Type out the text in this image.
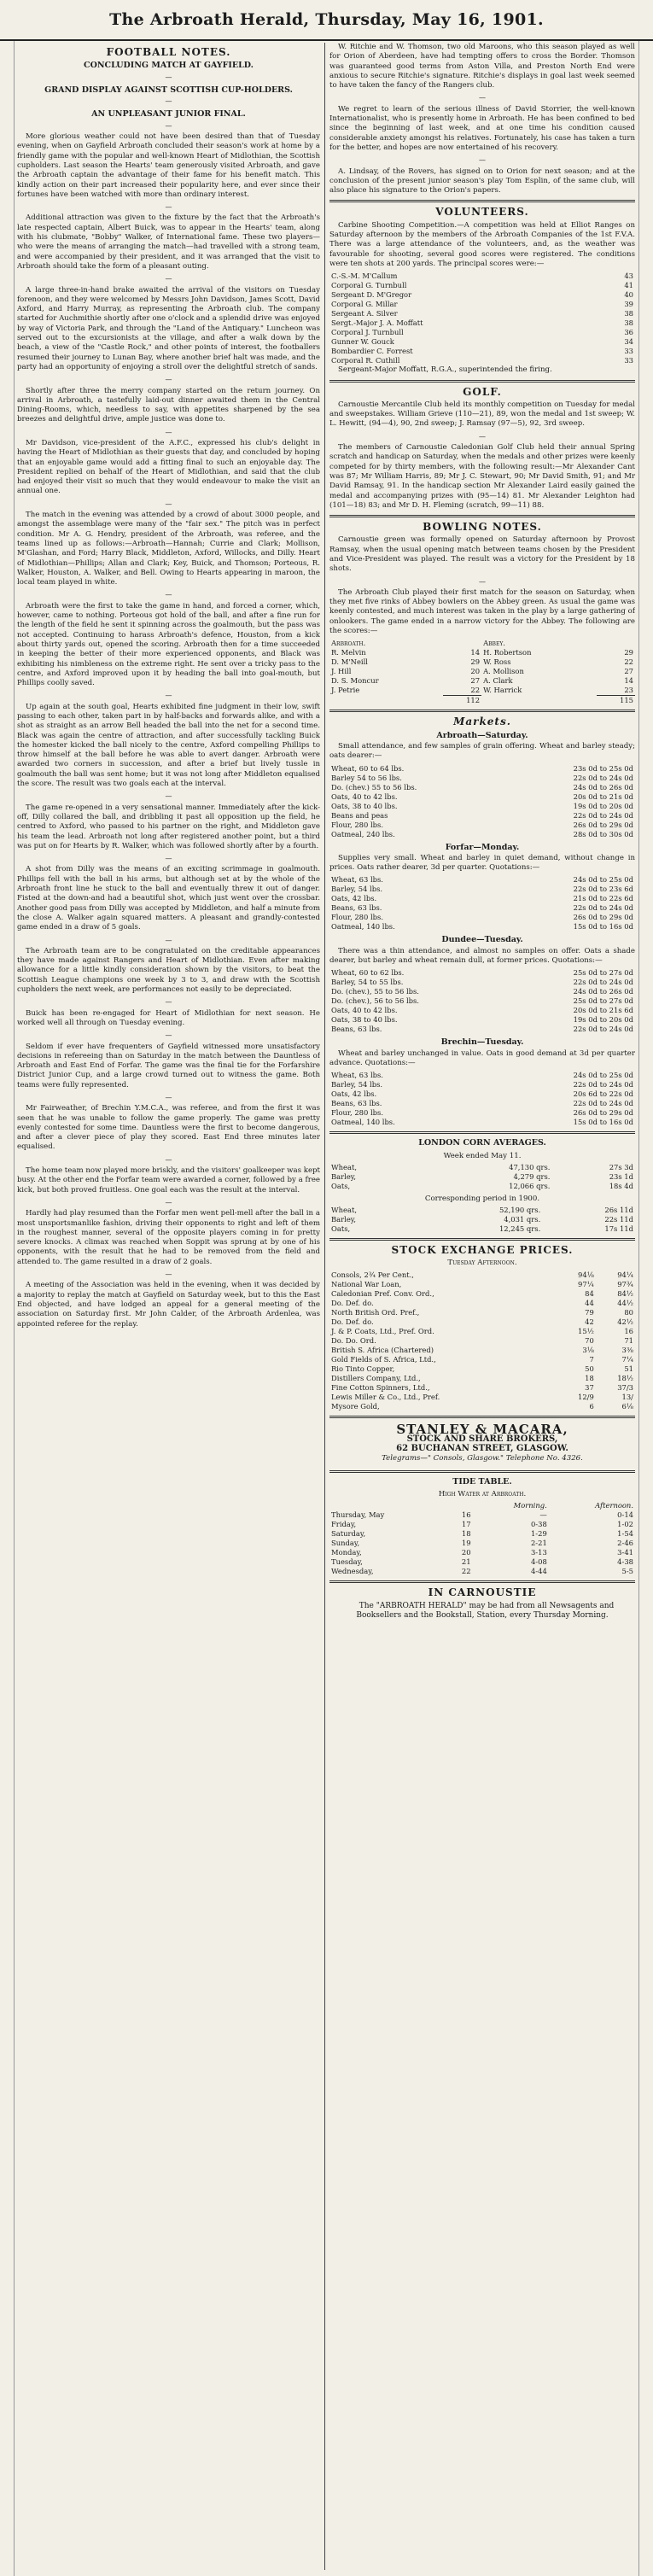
The Arbroath Herald, Thursday, May 16, 1901.
FOOTBALL NOTES.
CONCLUDING MATCH AT GAYFIELD.
—
GRAND DISPLAY AGAINST SCOTTISH CUP-HOLDERS.
—
AN UNPLEASANT JUNIOR FINAL.
—

More glorious weather could not have been desired than that of Tuesday evening, when on Gayfield Arbroath concluded their season's work at home by a friendly game with the popular and well-known Heart of Midlothian, the Scottish cupholders. Last season the Hearts' team generously visited Arbroath, and gave the Arbroath captain the advantage of their fame for his benefit match. This kindly action on their part increased their popularity here, and ever since their fortunes have been watched with more than ordinary interest.

—

Additional attraction was given to the fixture by the fact that the Arbroath's late respected captain, Albert Buick, was to appear in the Hearts' team, along with his clubmate, "Bobby" Walker, of International fame. These two players—who were the means of arranging the match—had travelled with a strong team, and were accompanied by their president, and it was arranged that the visit to Arbroath should take the form of a pleasant outing.

—

A large three-in-hand brake awaited the arrival of the visitors on Tuesday forenoon, and they were welcomed by Messrs John Davidson, James Scott, David Axford, and Harry Murray, as representing the Arbroath club. The company started for Auchmithie shortly after one o'clock and a splendid drive was enjoyed by way of Victoria Park, and through the "Land of the Antiquary." Luncheon was served out to the excursionists at the village, and after a walk down by the beach, a view of the "Castle Rock," and other points of interest, the footballers resumed their journey to Lunan Bay, where another brief halt was made, and the party had an opportunity of enjoying a stroll over the delightful stretch of sands.

—

Shortly after three the merry company started on the return journey. On arrival in Arbroath, a tastefully laid-out dinner awaited them in the Central Dining-Rooms, which, needless to say, with appetites sharpened by the sea breezes and delightful drive, ample justice was done to.

—

Mr Davidson, vice-president of the A.F.C., expressed his club's delight in having the Heart of Midlothian as their guests that day, and concluded by hoping that an enjoyable game would add a fitting final to such an enjoyable day. The President replied on behalf of the Heart of Midlothian, and said that the club had enjoyed their visit so much that they would endeavour to make the visit an annual one.

—

The match in the evening was attended by a crowd of about 3000 people, and amongst the assemblage were many of the "fair sex." The pitch was in perfect condition. Mr A. G. Hendry, president of the Arbroath, was referee, and the teams lined up as follows:—Arbroath—Hannah; Currie and Clark; Mollison, M'Glashan, and Ford; Harry Black, Middleton, Axford, Willocks, and Dilly. Heart of Midlothian—Phillips; Allan and Clark; Key, Buick, and Thomson; Porteous, R. Walker, Houston, A. Walker, and Bell. Owing to Hearts appearing in maroon, the local team played in white.

—

Arbroath were the first to take the game in hand, and forced a corner, which, however, came to nothing. Porteous got hold of the ball, and after a fine run for the length of the field he sent it spinning across the goalmouth, but the pass was not accepted. Continuing to harass Arbroath's defence, Houston, from a kick about thirty yards out, opened the scoring. Arbroath then for a time succeeded in keeping the better of their more experienced opponents, and Black was exhibiting his nimbleness on the extreme right. He sent over a tricky pass to the centre, and Axford improved upon it by heading the ball into goal-mouth, but Phillips coolly saved.

—

Up again at the south goal, Hearts exhibited fine judgment in their low, swift passing to each other, taken part in by half-backs and forwards alike, and with a shot as straight as an arrow Bell headed the ball into the net for a second time. Black was again the centre of attraction, and after successfully tackling Buick the homester kicked the ball nicely to the centre, Axford compelling Phillips to throw himself at the ball before he was able to avert danger. Arbroath were awarded two corners in succession, and after a brief but lively tussle in goalmouth the ball was sent home; but it was not long after Middleton equalised the score. The result was two goals each at the interval.

—

The game re-opened in a very sensational manner. Immediately after the kick-off, Dilly collared the ball, and dribbling it past all opposition up the field, he centred to Axford, who passed to his partner on the right, and Middleton gave his team the lead. Arbroath not long after registered another point, but a third was put on for Hearts by R. Walker, which was followed shortly after by a fourth.

—

A shot from Dilly was the means of an exciting scrimmage in goalmouth. Phillips fell with the ball in his arms, but although set at by the whole of the Arbroath front line he stuck to the ball and eventually threw it out of danger. Fisted at the down-and had a beautiful shot, which just went over the crossbar. Another good pass from Dilly was accepted by Middleton, and half a minute from the close A. Walker again squared matters. A pleasant and grandly-contested game ended in a draw of 5 goals.

—

The Arbroath team are to be congratulated on the creditable appearances they have made against Rangers and Heart of Midlothian. Even after making allowance for a little kindly consideration shown by the visitors, to beat the Scottish League champions one week by 3 to 3, and draw with the Scottish cupholders the next week, are performances not easily to be depreciated.

—

Buick has been re-engaged for Heart of Midlothian for next season. He worked well all through on Tuesday evening.

—

Seldom if ever have frequenters of Gayfield witnessed more unsatisfactory decisions in refereeing than on Saturday in the match between the Dauntless of Arbroath and East End of Forfar. The game was the final tie for the Forfarshire District Junior Cup, and a large crowd turned out to witness the game. Both teams were fully represented.

—

Mr Fairweather, of Brechin Y.M.C.A., was referee, and from the first it was seen that he was unable to follow the game properly. The game was pretty evenly contested for some time. Dauntless were the first to become dangerous, and after a clever piece of play they scored. East End three minutes later equalised.

—

The home team now played more briskly, and the visitors' goalkeeper was kept busy. At the other end the Forfar team were awarded a corner, followed by a free kick, but both proved fruitless. One goal each was the result at the interval.

—

Hardly had play resumed than the Forfar men went pell-mell after the ball in a most unsportsmanlike fashion, driving their opponents to right and left of them in the roughest manner, several of the opposite players coming in for pretty severe knocks. A climax was reached when Soppit was sprung at by one of his opponents, with the result that he had to be removed from the field and attended to. The game resulted in a draw of 2 goals.

—

A meeting of the Association was held in the evening, when it was decided by a majority to replay the match at Gayfield on Saturday week, but to this the East End objected, and have lodged an appeal for a general meeting of the association on Saturday first. Mr John Calder, of the Arbroath Ardenlea, was appointed referee for the replay.

W. Ritchie and W. Thomson, two old Maroons, who this season played as well for Orion of Aberdeen, have had tempting offers to cross the Border. Thomson was guaranteed good terms from Aston Villa, and Preston North End were anxious to secure Ritchie's signature. Ritchie's displays in goal last week seemed to have taken the fancy of the Rangers club.

—

We regret to learn of the serious illness of David Storrier, the well-known Internationalist, who is presently home in Arbroath. He has been confined to bed since the beginning of last week, and at one time his condition caused considerable anxiety amongst his relatives. Fortunately, his case has taken a turn for the better, and hopes are now entertained of his recovery.

—

A. Lindsay, of the Rovers, has signed on to Orion for next season; and at the conclusion of the present junior season's play Tom Esplin, of the same club, will also place his signature to the Orion's papers.

VOLUNTEERS.

Carbine Shooting Competition.—A competition was held at Elliot Ranges on Saturday afternoon by the members of the Arbroath Companies of the 1st F.V.A. There was a large attendance of the volunteers, and, as the weather was favourable for shooting, several good scores were registered. The conditions were ten shots at 200 yards. The principal scores were:—

C.-S.-M. M'Callum	43
Corporal G. Turnbull	41
Sergeant D. M'Gregor	40
Corporal G. Millar	39
Sergeant A. Silver	38
Sergt.-Major J. A. Moffatt	38
Corporal J. Turnbull	36
Gunner W. Gouck	34
Bombardier C. Forrest	33
Corporal R. Cuthill	33

Sergeant-Major Moffatt, R.G.A., superintended the firing.

GOLF.

Carnoustie Mercantile Club held its monthly competition on Tuesday for medal and sweepstakes. William Grieve (110—21), 89, won the medal and 1st sweep; W. L. Hewitt, (94—4), 90, 2nd sweep; J. Ramsay (97—5), 92, 3rd sweep.

—

The members of Carnoustie Caledonian Golf Club held their annual Spring scratch and handicap on Saturday, when the medals and other prizes were keenly competed for by thirty members, with the following result:—Mr Alexander Cant was 87; Mr William Harris, 89; Mr J. C. Stewart, 90; Mr David Smith, 91; and Mr David Ramsay, 91. In the handicap section Mr Alexander Laird easily gained the medal and accompanying prizes with (95—14) 81. Mr Alexander Leighton had (101—18) 83; and Mr D. H. Fleming (scratch, 99—11) 88.

BOWLING NOTES.

Carnoustie green was formally opened on Saturday afternoon by Provost Ramsay, when the usual opening match between teams chosen by the President and Vice-President was played. The result was a victory for the President by 18 shots.

—

The Arbroath Club played their first match for the season on Saturday, when they met five rinks of Abbey bowlers on the Abbey green. As usual the game was keenly contested, and much interest was taken in the play by a large gathering of onlookers. The game ended in a narrow victory for the Abbey. The following are the scores:—

Arbroath.		Abbey.	
R. Melvin	14	H. Robertson	29
D. M'Neill	29	W. Ross	22
J. Hill	20	A. Mollison	27
D. S. Moncur	27	A. Clark	14
J. Petrie	22	W. Harrick	23
	112		115
Markets.
Arbroath—Saturday.

Small attendance, and few samples of grain offering. Wheat and barley steady; oats dearer:—

Wheat, 60 to 64 lbs.	23s 0d to 25s 0d
Barley 54 to 56 lbs.	22s 0d to 24s 0d
Do. (chev.) 55 to 56 lbs.	24s 0d to 26s 0d
Oats, 40 to 42 lbs.	20s 0d to 21s 0d
Oats, 38 to 40 lbs.	19s 0d to 20s 0d
Beans and peas	22s 0d to 24s 0d
Flour, 280 lbs.	26s 0d to 29s 0d
Oatmeal, 240 lbs.	28s 0d to 30s 0d
Forfar—Monday.

Supplies very small. Wheat and barley in quiet demand, without change in prices. Oats rather dearer, 3d per quarter. Quotations:—

Wheat, 63 lbs.	24s 0d to 25s 0d
Barley, 54 lbs.	22s 0d to 23s 6d
Oats, 42 lbs.	21s 0d to 22s 6d
Beans, 63 lbs.	22s 0d to 24s 0d
Flour, 280 lbs.	26s 0d to 29s 0d
Oatmeal, 140 lbs.	15s 0d to 16s 0d
Dundee—Tuesday.

There was a thin attendance, and almost no samples on offer. Oats a shade dearer, but barley and wheat remain dull, at former prices. Quotations:—

Wheat, 60 to 62 lbs.	25s 0d to 27s 0d
Barley, 54 to 55 lbs.	22s 0d to 24s 0d
Do. (chev.), 55 to 56 lbs.	24s 0d to 26s 0d
Do. (chev.), 56 to 56 lbs.	25s 0d to 27s 0d
Oats, 40 to 42 lbs.	20s 0d to 21s 6d
Oats, 38 to 40 lbs.	19s 0d to 20s 0d
Beans, 63 lbs.	22s 0d to 24s 0d
Brechin—Tuesday.

Wheat and barley unchanged in value. Oats in good demand at 3d per quarter advance. Quotations:—

Wheat, 63 lbs.	24s 0d to 25s 0d
Barley, 54 lbs.	22s 0d to 24s 0d
Oats, 42 lbs.	20s 6d to 22s 0d
Beans, 63 lbs.	22s 0d to 24s 0d
Flour, 280 lbs.	26s 0d to 29s 0d
Oatmeal, 140 lbs.	15s 0d to 16s 0d
LONDON CORN AVERAGES.
Week ended May 11.
Wheat,	47,130 qrs.	27s 3d
Barley,	4,279 qrs.	23s 1d
Oats,	12,066 qrs.	18s 4d
Corresponding period in 1900.
Wheat,	52,190 qrs.	26s 11d
Barley,	4,031 qrs.	22s 11d
Oats,	12,245 qrs.	17s 11d
STOCK EXCHANGE PRICES.
Tuesday Afternoon.
Consols, 2¾ Per Cent.,	94⅛	94¼
National War Loan,	97¼	97¾
Caledonian Pref. Conv. Ord.,	84	84½
Do. Def. do.	44	44½
North British Ord. Pref.,	79	80
Do. Def. do.	42	42½
J. & P. Coats, Ltd., Pref. Ord.	15½	16
Do. Do. Ord.	70	71
British S. Africa (Chartered)	3⅛	3⅜
Gold Fields of S. Africa, Ltd.,	7	7¼
Rio Tinto Copper,	50	51
Distillers Company, Ltd.,	18	18½
Fine Cotton Spinners, Ltd.,	37	37/3
Lewis Miller & Co., Ltd., Pref.	12/9	13/
Mysore Gold,	6	6⅛
STANLEY & MACARA,
STOCK AND SHARE BROKERS,
62 BUCHANAN STREET, GLASGOW.
Telegrams—" Consols, Glasgow." Telephone No. 4326.
TIDE TABLE.
High Water at Arbroath.
		Morning.	Afternoon.
Thursday, May	16	—	0-14
Friday,	17	0-38	1-02
Saturday,	18	1-29	1-54
Sunday,	19	2-21	2-46
Monday,	20	3-13	3-41
Tuesday,	21	4-08	4-38
Wednesday,	22	4-44	5-5
IN CARNOUSTIE

The "ARBROATH HERALD" may be had from all Newsagents and Booksellers and the Bookstall, Station, every Thursday Morning.
